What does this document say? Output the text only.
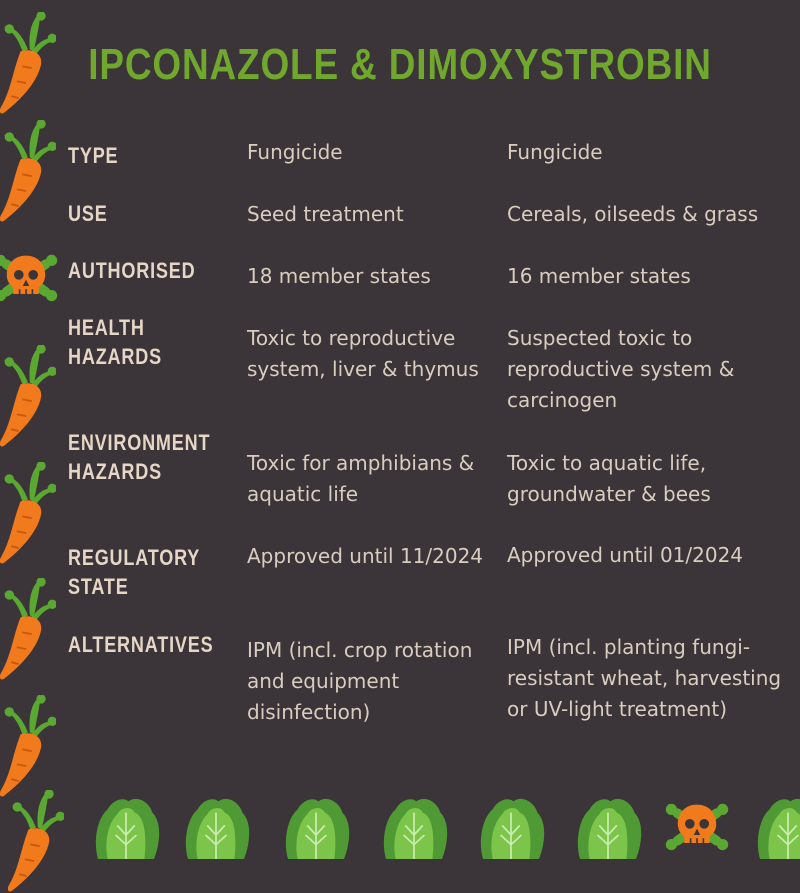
IPCONAZOLE & DIMOXYSTROBIN
TYPE
USE
AUTHORISED
HEALTH
HAZARDS
ENVIRONMENT
HAZARDS
REGULATORY
STATE
ALTERNATIVES
Fungicide
Seed treatment
18 member states
Toxic to reproductive
system, liver & thymus
Toxic for amphibians &
aquatic life
Approved until 11/2024
IPM (incl. crop rotation
and equipment
disinfection)
Fungicide
Cereals, oilseeds & grass
16 member states
Suspected toxic to
reproductive system &
carcinogen
Toxic to aquatic life,
groundwater & bees
Approved until 01/2024
IPM (incl. planting fungi-
resistant wheat, harvesting
or UV-light treatment)
